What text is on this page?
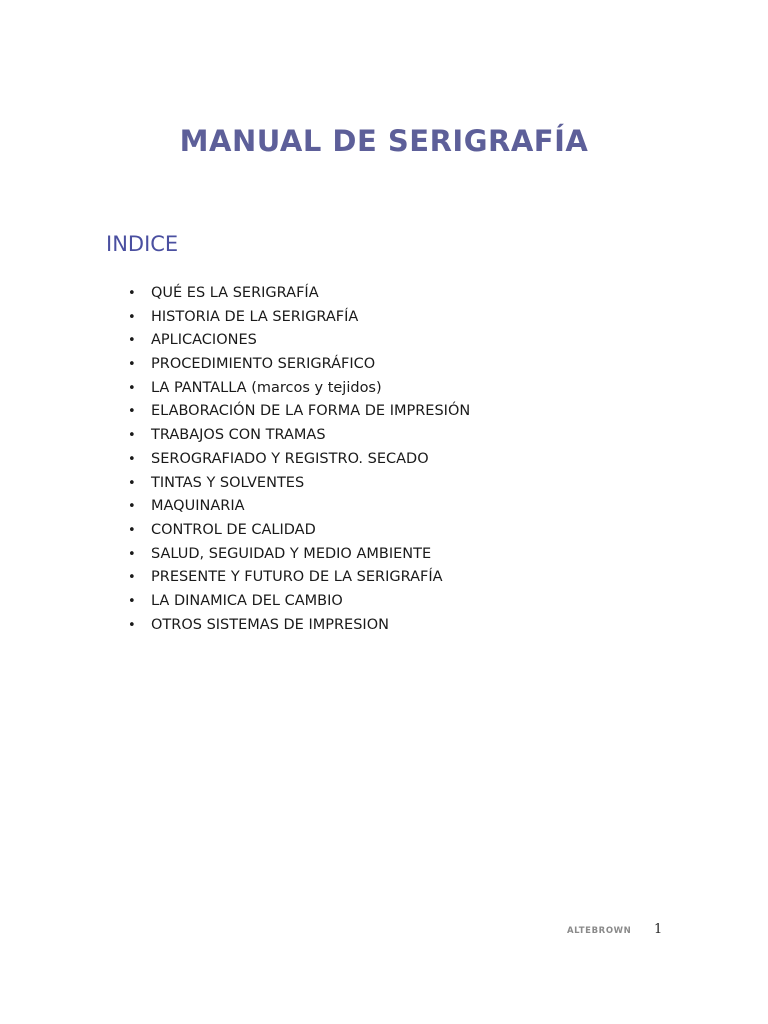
MANUAL DE SERIGRAFÍA
INDICE
• QUÉ ES LA SERIGRAFÍA
• HISTORIA DE LA SERIGRAFÍA
• APLICACIONES
• PROCEDIMIENTO SERIGRÁFICO
• LA PANTALLA (marcos y tejidos)
• ELABORACIÓN DE LA FORMA DE IMPRESIÓN
• TRABAJOS CON TRAMAS
• SEROGRAFIADO Y REGISTRO. SECADO
• TINTAS Y SOLVENTES
• MAQUINARIA
• CONTROL DE CALIDAD
• SALUD, SEGUIDAD Y MEDIO AMBIENTE
• PRESENTE Y FUTURO DE LA SERIGRAFÍA
• LA DINAMICA DEL CAMBIO
• OTROS SISTEMAS DE IMPRESION
ALTEBROWN 1
